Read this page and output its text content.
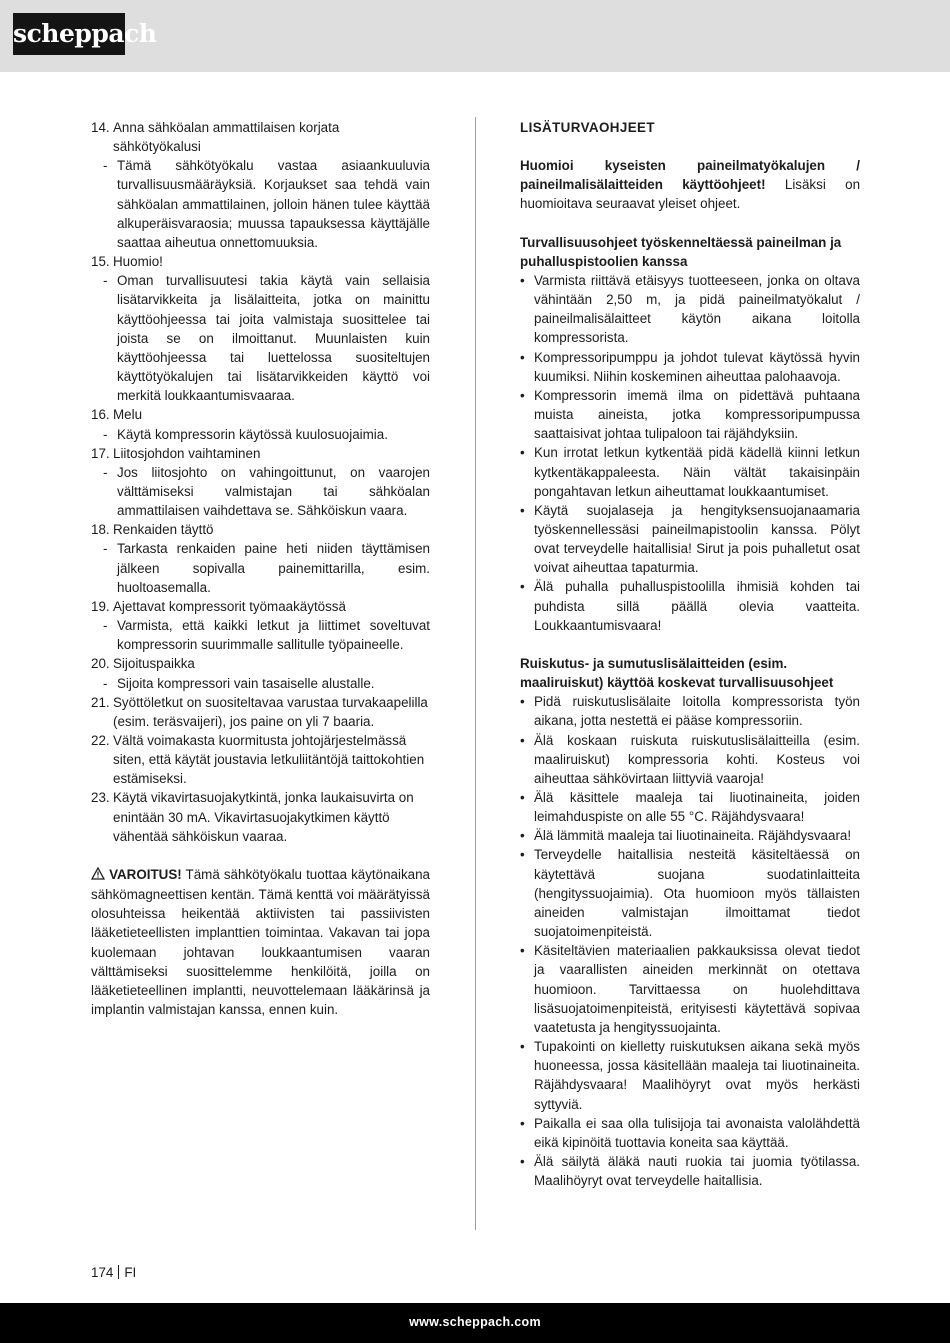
scheppach
14. Anna sähköalan ammattilaisen korjata sähkötyökalusi
- Tämä sähkötyökalu vastaa asiaankuuluvia turvallisuusmääräyksiä. Korjaukset saa tehdä vain sähköalan ammattilainen, jolloin hänen tulee käyttää alkuperäisvaraosia; muussa tapauksessa käyttäjälle saattaa aiheutua onnettomuuksia.
15. Huomio!
- Oman turvallisuutesi takia käytä vain sellaisia lisätarvikkeita ja lisälaitteita, jotka on mainittu käyttöohjeessa tai joita valmistaja suosittelee tai joista se on ilmoittanut. Muunlaisten kuin käyttöohjeessa tai luettelossa suositeltujen käyttötyökalujen tai lisätarvikkeiden käyttö voi merkitä loukkaantumisvaaraa.
16. Melu
- Käytä kompressorin käytössä kuulosuojaimia.
17. Liitosjohdon vaihtaminen
- Jos liitosjohto on vahingoittunut, on vaarojen välttämiseksi valmistajan tai sähköalan ammattilaisen vaihdettava se. Sähköiskun vaara.
18. Renkaiden täyttö
- Tarkasta renkaiden paine heti niiden täyttämisen jälkeen sopivalla painemittarilla, esim. huoltoasemalla.
19. Ajettavat kompressorit työmaakäytössä
- Varmista, että kaikki letkut ja liittimet soveltuvat kompressorin suurimmalle sallitulle työpaineelle.
20. Sijoituspaikka
- Sijoita kompressori vain tasaiselle alustalle.
21. Syöttöletkut on suositeltavaa varustaa turvakaapelilla (esim. teräsvaijeri), jos paine on yli 7 baaria.
22. Vältä voimakasta kuormitusta johtojärjestelmässä siten, että käytät joustavia letkuliitäntöjä taittokohtien estämiseksi.
23. Käytä vikavirtasuojakytkintä, jonka laukaisuvirta on enintään 30 mA. Vikavirtasuojakytkimen käyttö vähentää sähköiskun vaaraa.
VAROITUS! Tämä sähkötyökalu tuottaa käytönaikana sähkömagneettisen kentän. Tämä kenttä voi määrätyissä olosuhteissa heikentää aktiivisten tai passiivisten lääketieteellisten implanttien toimintaa. Vakavan tai jopa kuolemaan johtavan loukkaantumisen vaaran välttämiseksi suosittelemme henkilöitä, joilla on lääketieteellinen implantti, neuvottelemaan lääkärinsä ja implantin valmistajan kanssa, ennen kuin.
LISÄTURVAOHJEET
Huomioi kyseisten paineilmatyökalujen / paineilmalisälaitteiden käyttöohjeet! Lisäksi on huomioitava seuraavat yleiset ohjeet.
Turvallisuusohjeet työskenneltäessä paineilman ja puhalluspistoolien kanssa
• Varmista riittävä etäisyys tuotteeseen, jonka on oltava vähintään 2,50 m, ja pidä paineilmatyökalut / paineilmalisälaitteet käytön aikana loitolla kompressorista.
• Kompressoripumppu ja johdot tulevat käytössä hyvin kuumiksi. Niihin koskeminen aiheuttaa palohaavoja.
• Kompressorin imemä ilma on pidettävä puhtaana muista aineista, jotka kompressoripumpussa saattaisivat johtaa tulipaloon tai räjähdyksiin.
• Kun irrotat letkun kytkentää pidä kädellä kiinni letkun kytkentäkappaleesta. Näin vältät takaisinpäin pongahtavan letkun aiheuttamat loukkaantumiset.
• Käytä suojalaseja ja hengityksensuojanaamaria työskennellessäsi paineilmapistoolin kanssa. Pölyt ovat terveydelle haitallisia! Sirut ja pois puhalletut osat voivat aiheuttaa tapaturmia.
• Älä puhalla puhalluspistoolilla ihmisiä kohden tai puhdista sillä päällä olevia vaatteita. Loukkaantumisvaara!
Ruiskutus- ja sumutuslisälaitteiden (esim. maaliruiskut) käyttöä koskevat turvallisuusohjeet
• Pidä ruiskutuslisälaite loitolla kompressorista työn aikana, jotta nestettä ei pääse kompressoriin.
• Älä koskaan ruiskuta ruiskutuslisälaitteilla (esim. maaliruiskut) kompressoria kohti. Kosteus voi aiheuttaa sähkövirtaan liittyviä vaaroja!
• Älä käsittele maaleja tai liuotinaineita, joiden leimahduspiste on alle 55 °C. Räjähdysvaara!
• Älä lämmitä maaleja tai liuotinaineita. Räjähdysvaara!
• Terveydelle haitallisia nesteitä käsiteltäessä on käytettävä suojana suodatinlaitteita (hengityssuojaimia). Ota huomioon myös tällaisten aineiden valmistajan ilmoittamat tiedot suojatoimenpiteistä.
• Käsiteltävien materiaalien pakkauksissa olevat tiedot ja vaarallisten aineiden merkinnät on otettava huomioon. Tarvittaessa on huolehdittava lisäsuojatoimenpiteistä, erityisesti käytettävä sopivaa vaatetusta ja hengityssuojainta.
• Tupakointi on kielletty ruiskutuksen aikana sekä myös huoneessa, jossa käsitellään maaleja tai liuotinaineita. Räjähdysvaara! Maalihöyryt ovat myös herkästi syttyviä.
• Paikalla ei saa olla tulisijoja tai avonaista valolähdettä eikä kipinöitä tuottavia koneita saa käyttää.
• Älä säilytä äläkä nauti ruokia tai juomia työtilassa. Maalihöyryt ovat terveydelle haitallisia.
174 FI
www.scheppach.com
